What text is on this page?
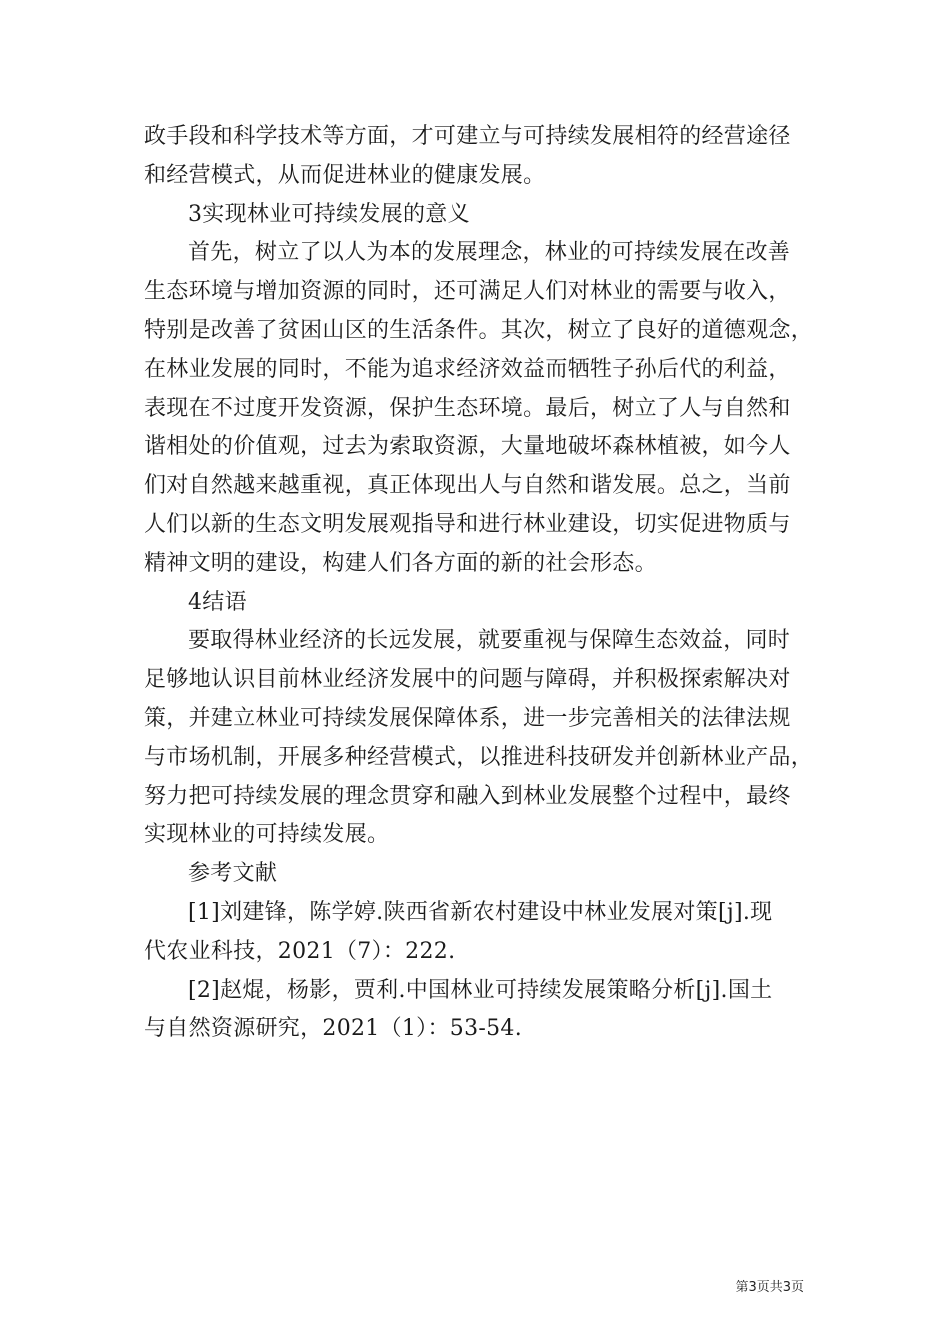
政手段和科学技术等方面，才可建立与可持续发展相符的经营途径
和经营模式，从而促进林业的健康发展。
3实现林业可持续发展的意义
首先，树立了以人为本的发展理念，林业的可持续发展在改善
生态环境与增加资源的同时，还可满足人们对林业的需要与收入，
特别是改善了贫困山区的生活条件。其次，树立了良好的道德观念，
在林业发展的同时，不能为追求经济效益而牺牲子孙后代的利益，
表现在不过度开发资源，保护生态环境。最后，树立了人与自然和
谐相处的价值观，过去为索取资源，大量地破坏森林植被，如今人
们对自然越来越重视，真正体现出人与自然和谐发展。总之，当前
人们以新的生态文明发展观指导和进行林业建设，切实促进物质与
精神文明的建设，构建人们各方面的新的社会形态。
4结语
要取得林业经济的长远发展，就要重视与保障生态效益，同时
足够地认识目前林业经济发展中的问题与障碍，并积极探索解决对
策，并建立林业可持续发展保障体系，进一步完善相关的法律法规
与市场机制，开展多种经营模式，以推进科技研发并创新林业产品，
努力把可持续发展的理念贯穿和融入到林业发展整个过程中，最终
实现林业的可持续发展。
参考文献
[1]刘建锋，陈学婷.陕西省新农村建设中林业发展对策[j].现
代农业科技，2021（7）：222.
[2]赵焜，杨影，贾利.中国林业可持续发展策略分析[j].国土
与自然资源研究，2021（1）：53-54.
第3页共3页
